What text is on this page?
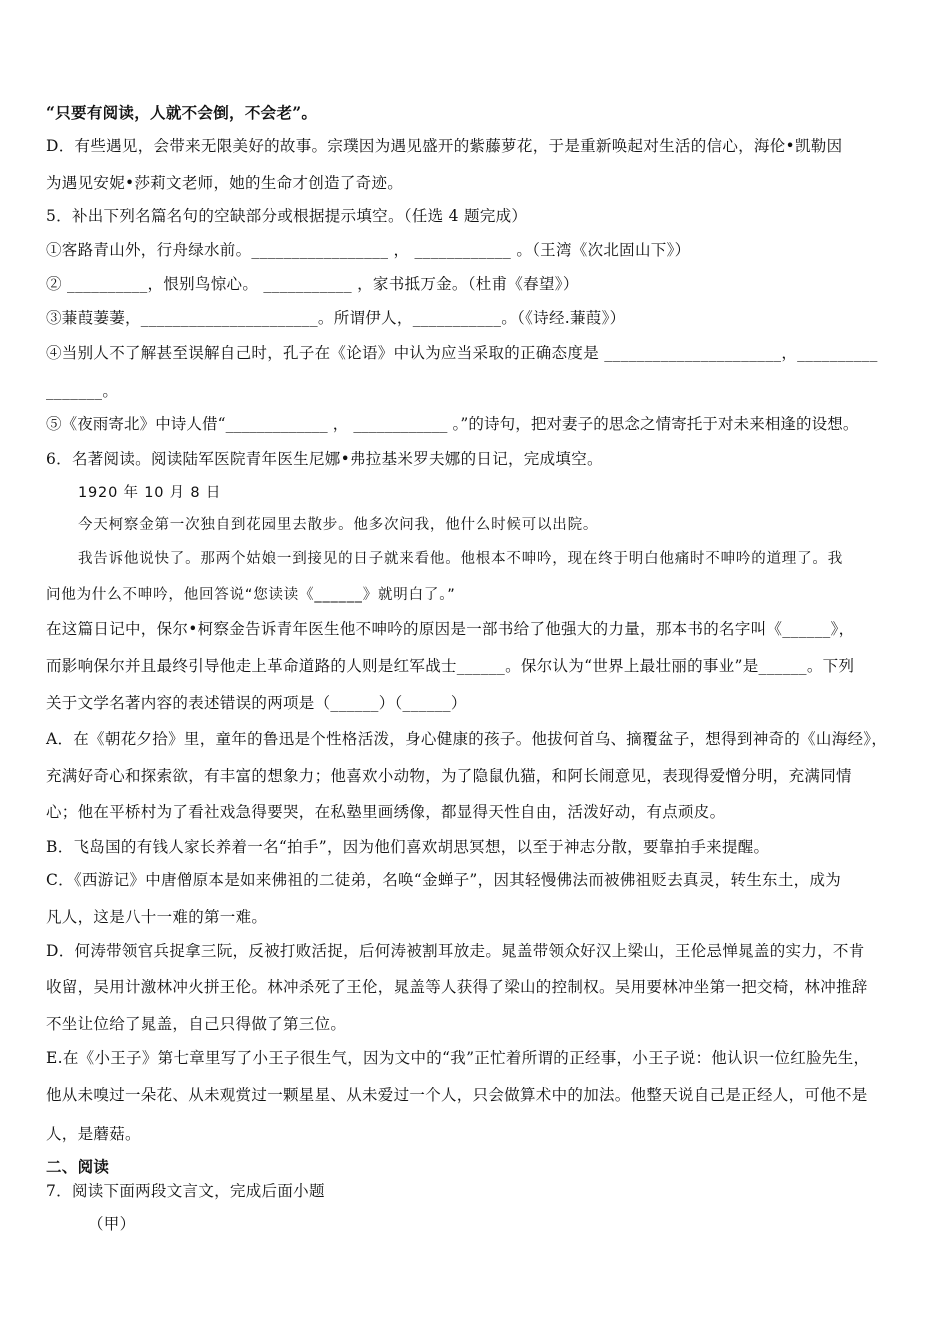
“只要有阅读，人就不会倒，不会老”。
D．有些遇见，会带来无限美好的故事。宗璞因为遇见盛开的紫藤萝花，于是重新唤起对生活的信心，海伦•凯勒因
为遇见安妮•莎莉文老师，她的生命才创造了奇迹。
5．补出下列名篇名句的空缺部分或根据提示填空。（任选 4 题完成）
①客路青山外，行舟绿水前。_________________ ， ____________ 。（王湾《次北固山下》）
② __________，恨别鸟惊心。 ___________ ，家书抵万金。（杜甫《春望》）
③蒹葭萋萋，______________________。所谓伊人，___________。（《诗经.蒹葭》）
④当别人不了解甚至误解自己时，孔子在《论语》中认为应当采取的正确态度是 ______________________，__________
_______。
⑤《夜雨寄北》中诗人借“_____________ ， ____________ 。”的诗句，把对妻子的思念之情寄托于对未来相逢的设想。
6．名著阅读。阅读陆军医院青年医生尼娜•弗拉基米罗夫娜的日记，完成填空。
1920 年 10 月 8 日
今天柯察金第一次独自到花园里去散步。他多次问我，他什么时候可以出院。
我告诉他说快了。那两个姑娘一到接见的日子就来看他。他根本不呻吟，现在终于明白他痛时不呻吟的道理了。我
问他为什么不呻吟，他回答说“您读读《______》就明白了。”
在这篇日记中，保尔•柯察金告诉青年医生他不呻吟的原因是一部书给了他强大的力量，那本书的名字叫《______》，
而影响保尔并且最终引导他走上革命道路的人则是红军战士______。保尔认为“世界上最壮丽的事业”是______。下列
关于文学名著内容的表述错误的两项是（______）（______）
A．在《朝花夕拾》里，童年的鲁迅是个性格活泼，身心健康的孩子。他拔何首乌、摘覆盆子，想得到神奇的《山海经》，
充满好奇心和探索欲，有丰富的想象力；他喜欢小动物，为了隐鼠仇猫，和阿长闹意见，表现得爱憎分明，充满同情
心；他在平桥村为了看社戏急得要哭，在私塾里画绣像，都显得天性自由，活泼好动，有点顽皮。
B．飞岛国的有钱人家长养着一名“拍手”，因为他们喜欢胡思冥想，以至于神志分散，要靠拍手来提醒。
C．《西游记》中唐僧原本是如来佛祖的二徒弟，名唤“金蝉子”，因其轻慢佛法而被佛祖贬去真灵，转生东土，成为
凡人，这是八十一难的第一难。
D．何涛带领官兵捉拿三阮，反被打败活捉，后何涛被割耳放走。晁盖带领众好汉上梁山，王伦忌惮晁盖的实力，不肯
收留，吴用计激林冲火拼王伦。林冲杀死了王伦，晁盖等人获得了梁山的控制权。吴用要林冲坐第一把交椅，林冲推辞
不坐让位给了晁盖，自己只得做了第三位。
E.在《小王子》第七章里写了小王子很生气，因为文中的“我”正忙着所谓的正经事，小王子说：他认识一位红脸先生，
他从未嗅过一朵花、从未观赏过一颗星星、从未爱过一个人，只会做算术中的加法。他整天说自己是正经人，可他不是
人，是蘑菇。
二、阅读
7．阅读下面两段文言文，完成后面小题
（甲）
